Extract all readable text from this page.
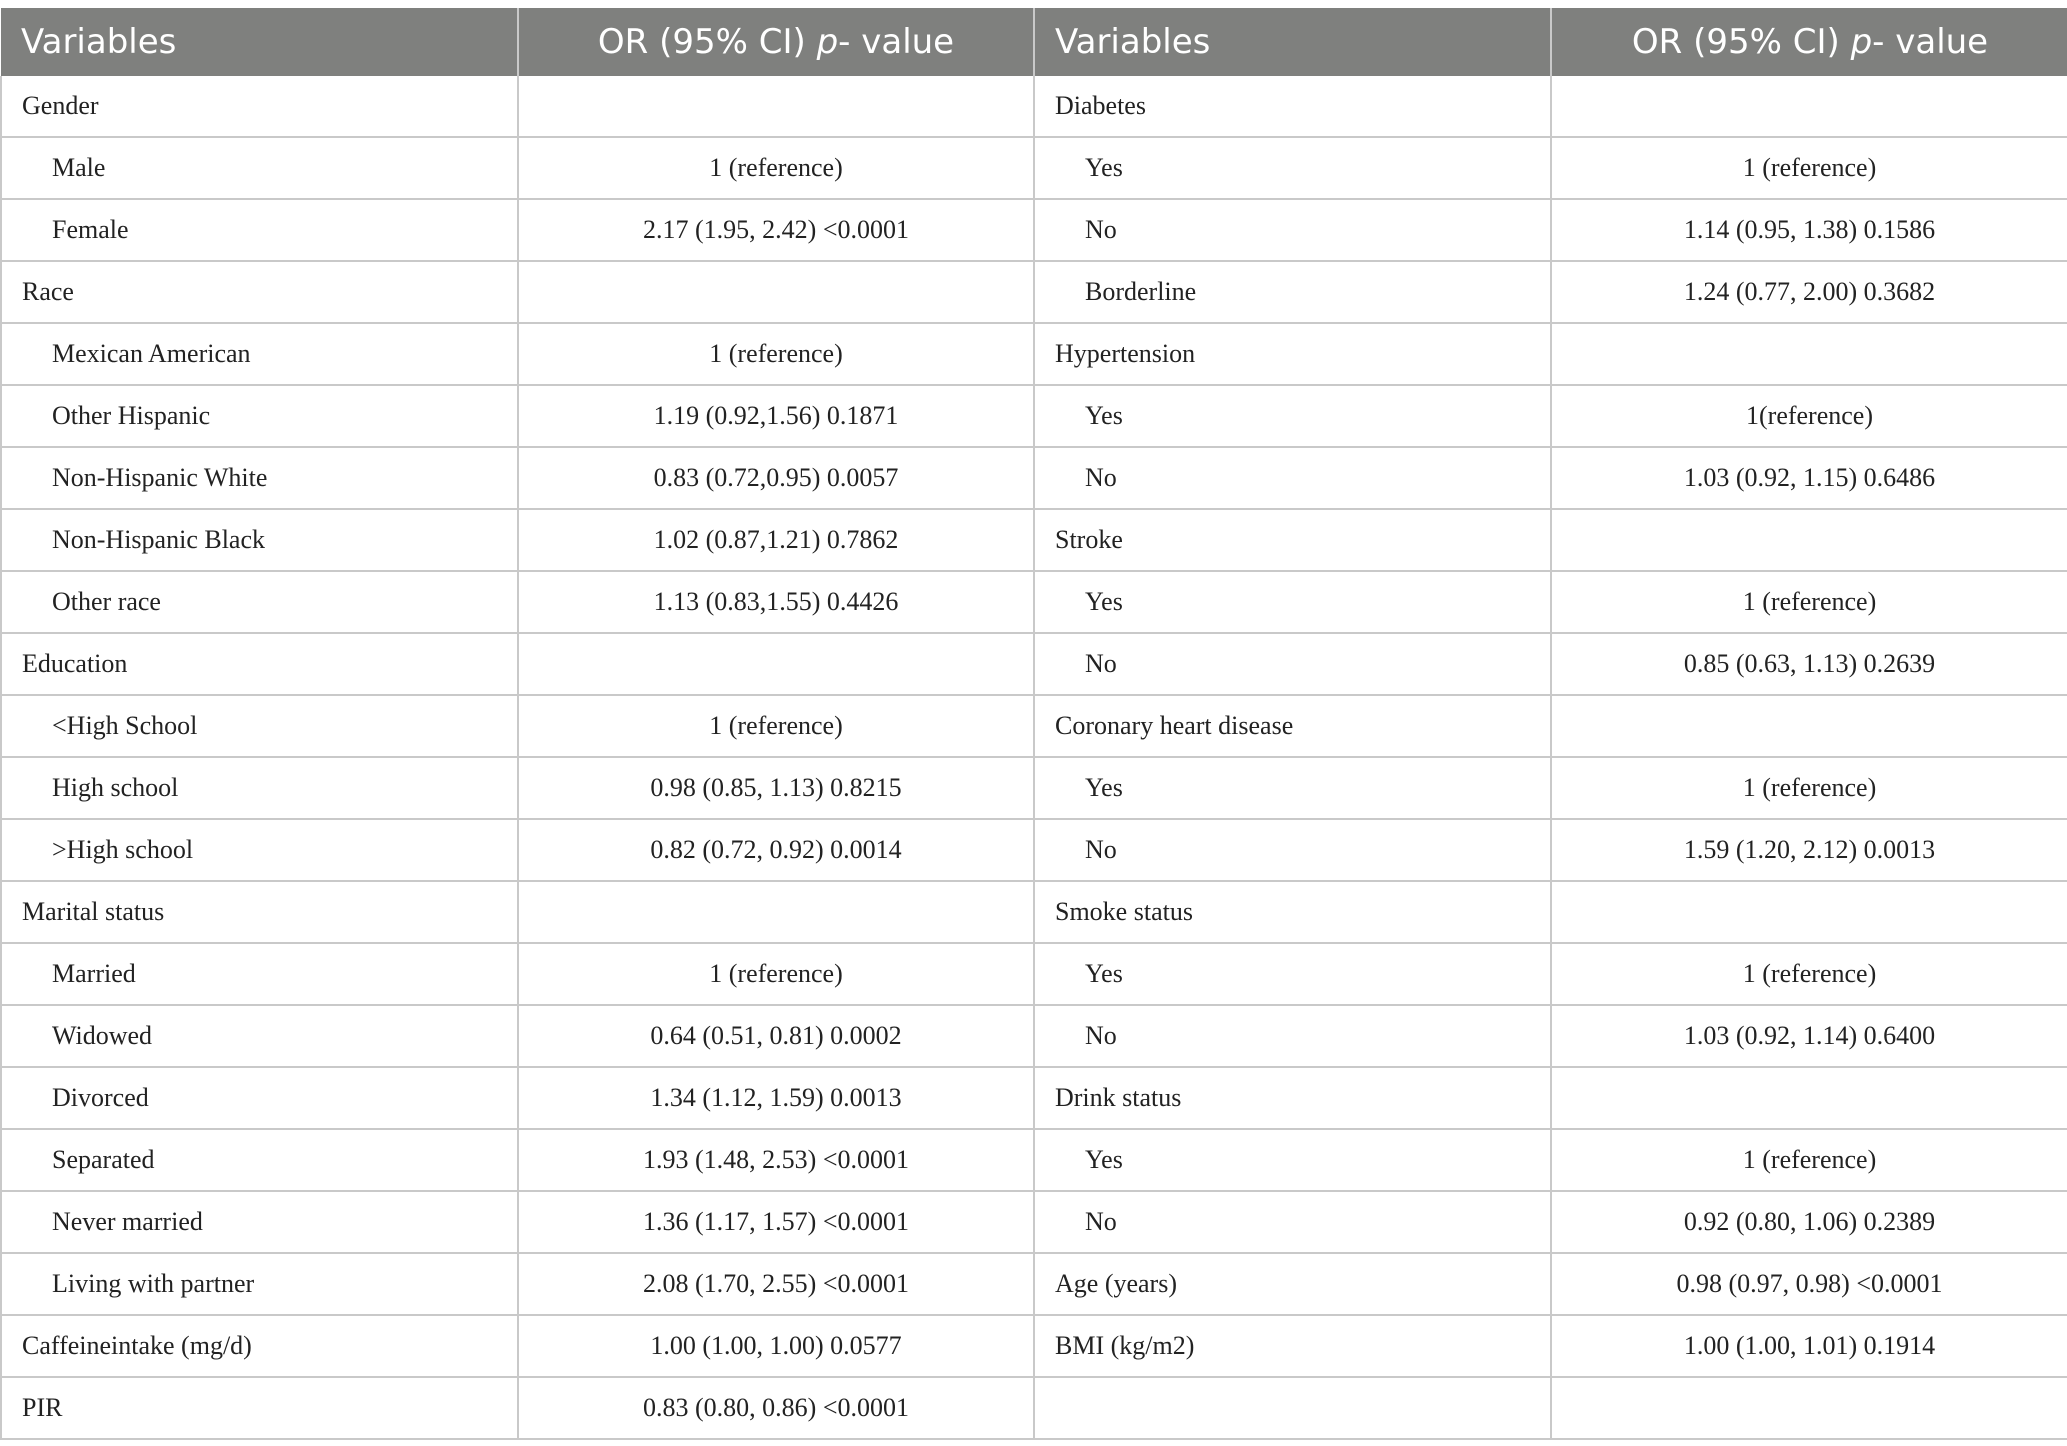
Variables	OR (95% CI) p- value	Variables	OR (95% CI) p- value
Gender		Diabetes	
Male	1 (reference)	Yes	1 (reference)
Female	2.17 (1.95, 2.42) <0.0001	No	1.14 (0.95, 1.38) 0.1586
Race		Borderline	1.24 (0.77, 2.00) 0.3682
Mexican American	1 (reference)	Hypertension	
Other Hispanic	1.19 (0.92,1.56) 0.1871	Yes	1(reference)
Non-Hispanic White	0.83 (0.72,0.95) 0.0057	No	1.03 (0.92, 1.15) 0.6486
Non-Hispanic Black	1.02 (0.87,1.21) 0.7862	Stroke	
Other race	1.13 (0.83,1.55) 0.4426	Yes	1 (reference)
Education		No	0.85 (0.63, 1.13) 0.2639
<High School	1 (reference)	Coronary heart disease	
High school	0.98 (0.85, 1.13) 0.8215	Yes	1 (reference)
>High school	0.82 (0.72, 0.92) 0.0014	No	1.59 (1.20, 2.12) 0.0013
Marital status		Smoke status	
Married	1 (reference)	Yes	1 (reference)
Widowed	0.64 (0.51, 0.81) 0.0002	No	1.03 (0.92, 1.14) 0.6400
Divorced	1.34 (1.12, 1.59) 0.0013	Drink status	
Separated	1.93 (1.48, 2.53) <0.0001	Yes	1 (reference)
Never married	1.36 (1.17, 1.57) <0.0001	No	0.92 (0.80, 1.06) 0.2389
Living with partner	2.08 (1.70, 2.55) <0.0001	Age (years)	0.98 (0.97, 0.98) <0.0001
Caffeineintake (mg/d)	1.00 (1.00, 1.00) 0.0577	BMI (kg/m2)	1.00 (1.00, 1.01) 0.1914
PIR	0.83 (0.80, 0.86) <0.0001		
